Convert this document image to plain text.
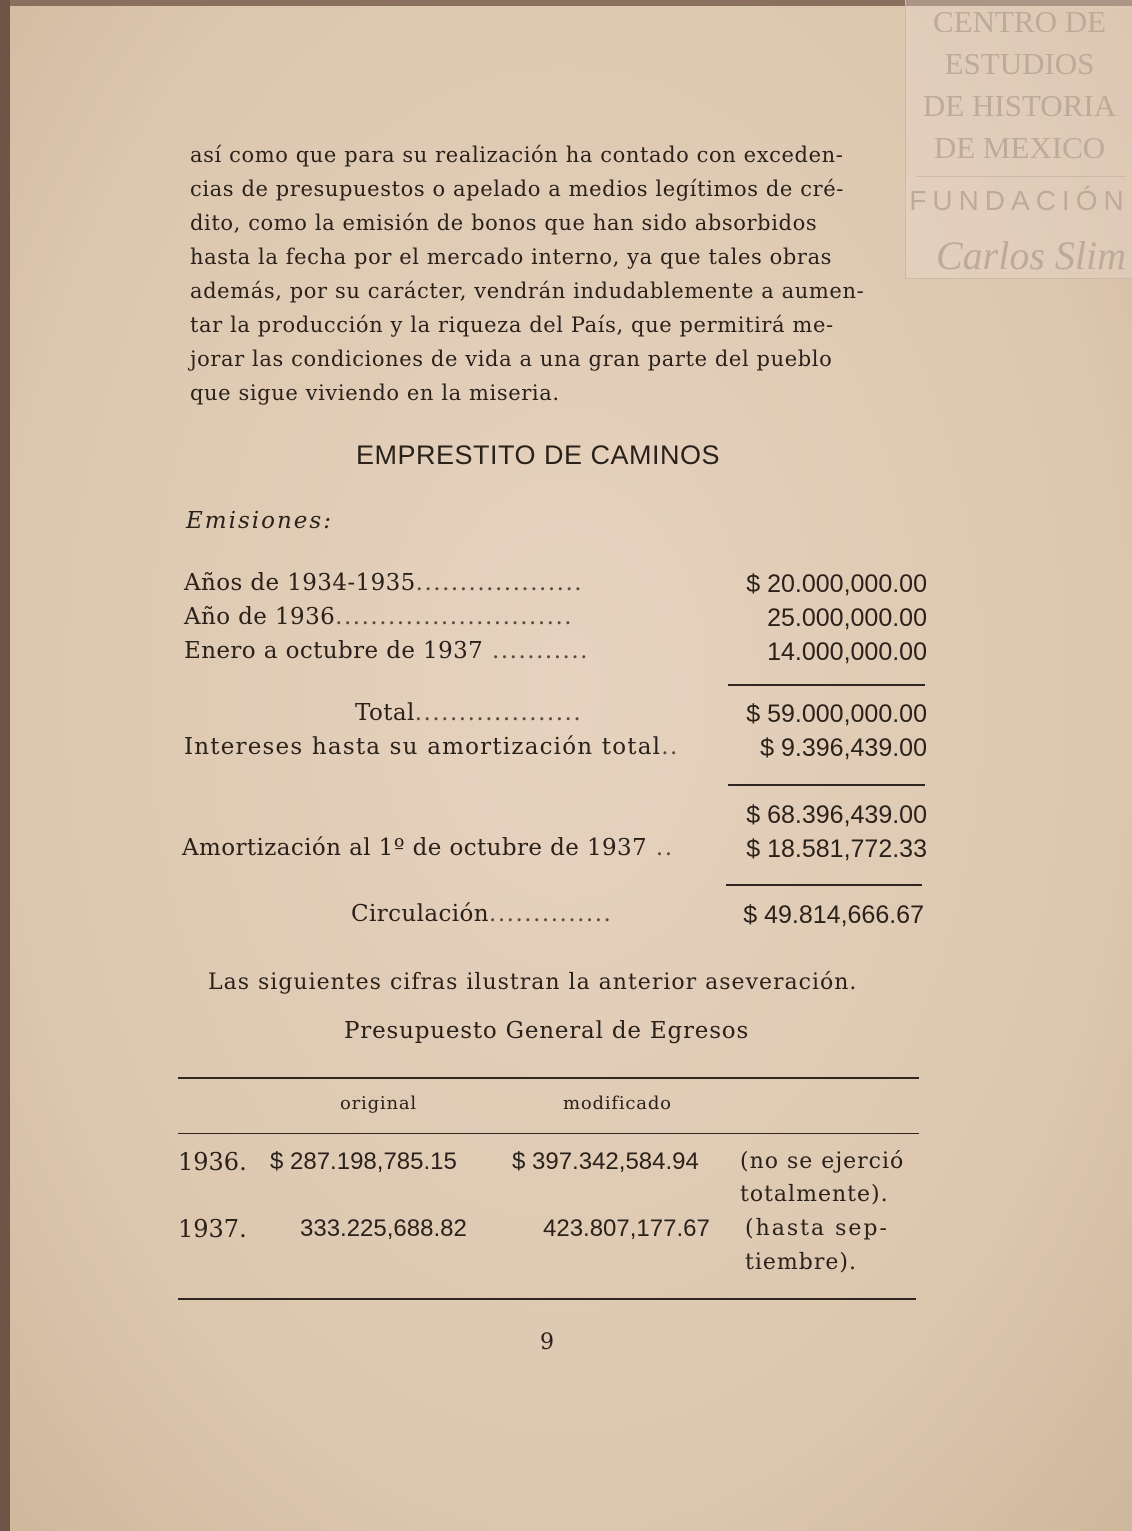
CENTRO DE
ESTUDIOS
DE HISTORIA
DE MEXICO
FUNDACIÓN
Carlos Slim
así como que para su realización ha contado con exceden-
cias de presupuestos o apelado a medios legítimos de cré-
dito, como la emisión de bonos que han sido absorbidos
hasta la fecha por el mercado interno, ya que tales obras
además, por su carácter, vendrán indudablemente a aumen-
tar la producción y la riqueza del País, que permitirá me-
jorar las condiciones de vida a una gran parte del pueblo
que sigue viviendo en la miseria.
EMPRESTITO DE CAMINOS
Emisiones:
Años de 1934-1935...................	$ 20.000,000.00
Año de 1936...........................	25.000,000.00
Enero a octubre de 1937 ...........	14.000,000.00
Total...................	$ 59.000,000.00
Intereses hasta su amortización total..	$ 9.396,439.00
$ 68.396,439.00
Amortización al 1º de octubre de 1937 ..	$ 18.581,772.33
Circulación..............	$ 49.814,666.67
Las siguientes cifras ilustran la anterior aseveración.
Presupuesto General de Egresos
original	modificado
1936. $ 287.198,785.15 $ 397.342,584.94 (no se ejerció
totalmente).
1937. 333.225,688.82	423.807,177.67 (hasta sep-
tiembre).
9
